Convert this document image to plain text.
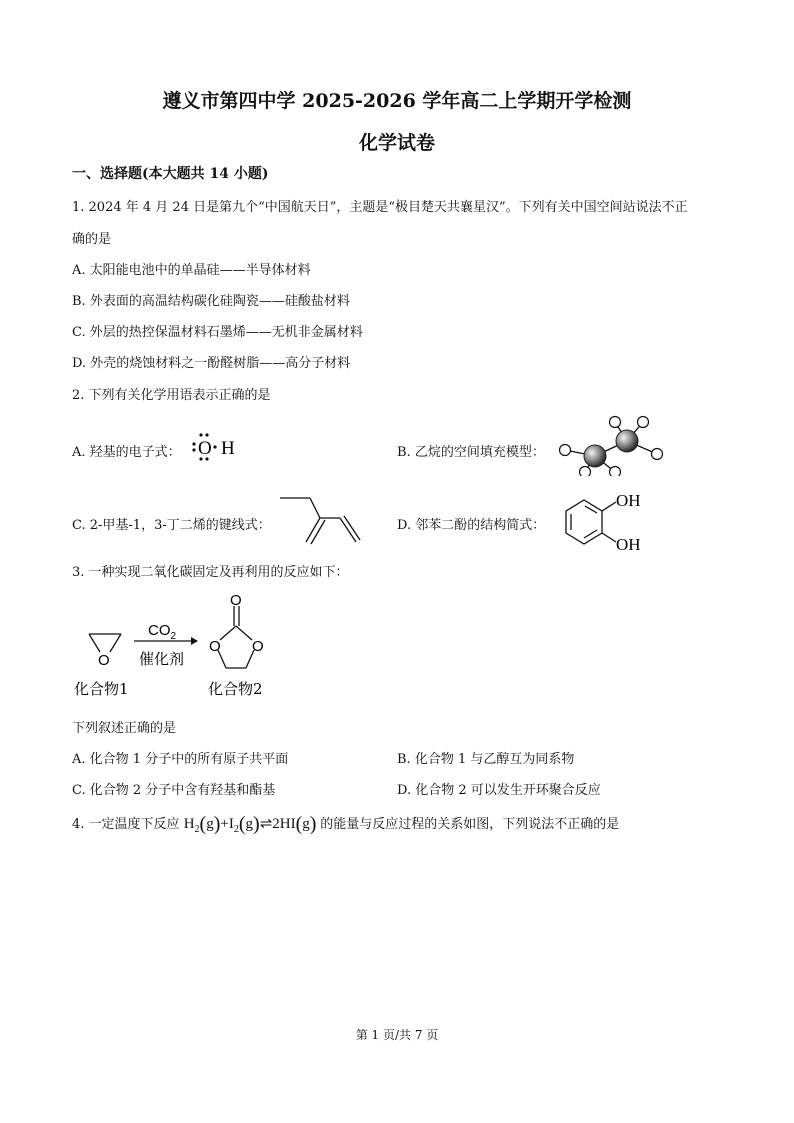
遵义市第四中学 2025-2026 学年高二上学期开学检测
化学试卷
一、选择题(本大题共 14 小题)
1. 2024 年 4 月 24 日是第九个“中国航天日”，主题是“极目楚天共襄星汉”。下列有关中国空间站说法不正
确的是
A. 太阳能电池中的单晶硅——半导体材料
B. 外表面的高温结构碳化硅陶瓷——硅酸盐材料
C. 外层的热控保温材料石墨烯——无机非金属材料
D. 外壳的烧蚀材料之一酚醛树脂——高分子材料
2. 下列有关化学用语表示正确的是
A. 羟基的电子式： O H	B. 乙烷的空间填充模型：
C. 2-甲基-1，3-丁二烯的键线式：	D. 邻苯二酚的结构简式：
OH
OH
3. 一种实现二氧化碳固定及再利用的反应如下：
O
$CO_2$
催化剂
O
O O
化合物1	化合物2
下列叙述正确的是
A. 化合物 1 分子中的所有原子共平面	B. 化合物 1 与乙醇互为同系物
C. 化合物 2 分子中含有羟基和酯基	D. 化合物 2 可以发生开环聚合反应
4. 一定温度下反应 $H_2(g)+I_2(g)\rightleftharpoons 2HI(g)$ 的能量与反应过程的关系如图，下列说法不正确的是
第 1 页/共 7 页
